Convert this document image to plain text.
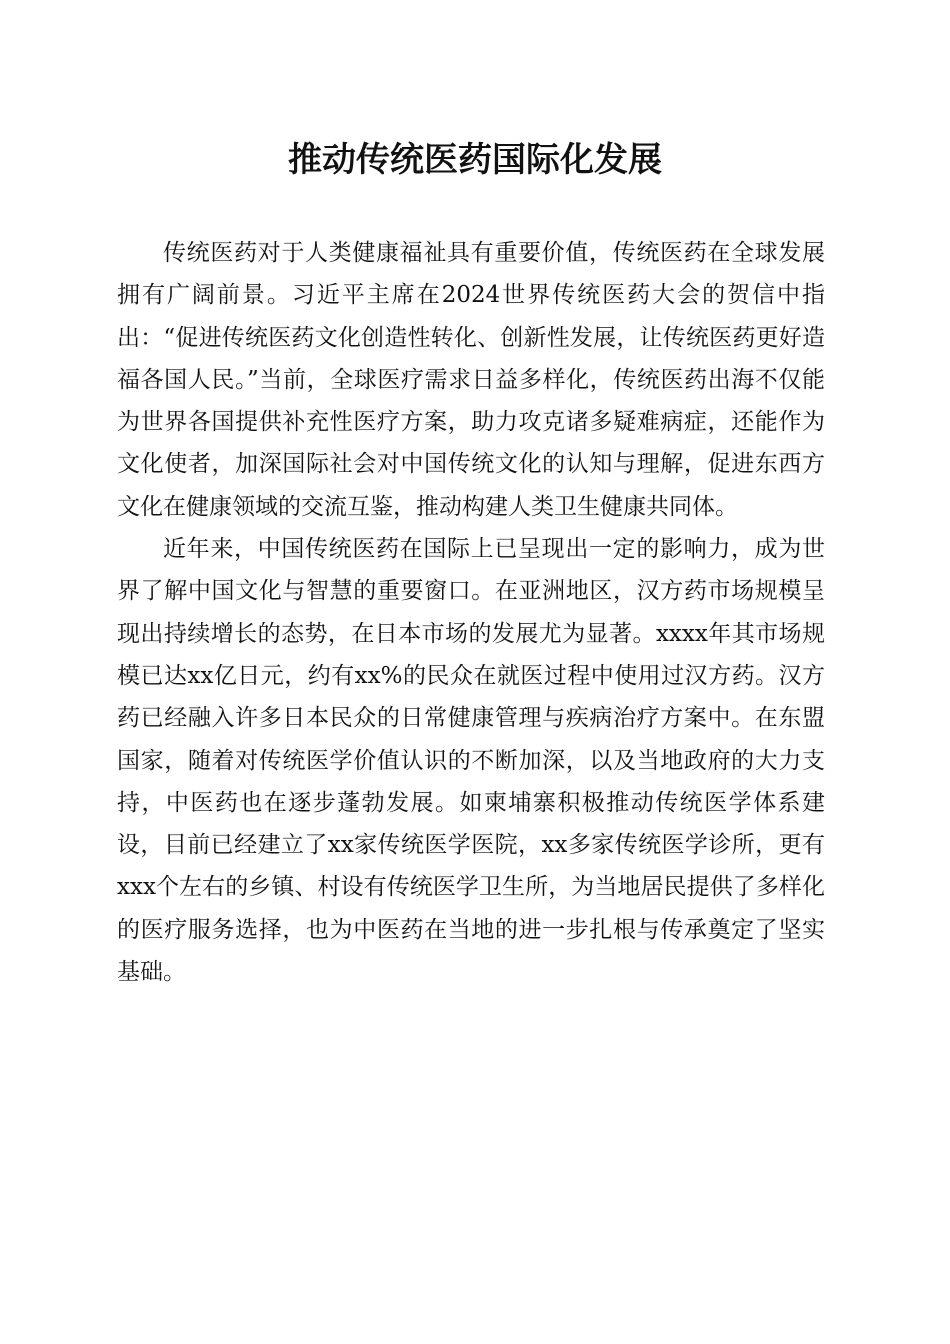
推动传统医药国际化发展

传统医药对于人类健康福祉具有重要价值，传统医药在全球发展拥有广阔前景。习近平主席在2024世界传统医药大会的贺信中指出：“促进传统医药文化创造性转化、创新性发展，让传统医药更好造福各国人民。”当前，全球医疗需求日益多样化，传统医药出海不仅能为世界各国提供补充性医疗方案，助力攻克诸多疑难病症，还能作为文化使者，加深国际社会对中国传统文化的认知与理解，促进东西方文化在健康领域的交流互鉴，推动构建人类卫生健康共同体。

近年来，中国传统医药在国际上已呈现出一定的影响力，成为世界了解中国文化与智慧的重要窗口。在亚洲地区，汉方药市场规模呈现出持续增长的态势，在日本市场的发展尤为显著。xxxx年其市场规模已达xx亿日元，约有xx%的民众在就医过程中使用过汉方药。汉方药已经融入许多日本民众的日常健康管理与疾病治疗方案中。在东盟国家，随着对传统医学价值认识的不断加深，以及当地政府的大力支持，中医药也在逐步蓬勃发展。如柬埔寨积极推动传统医学体系建设，目前已经建立了xx家传统医学医院，xx多家传统医学诊所，更有xxx个左右的乡镇、村设有传统医学卫生所，为当地居民提供了多样化的医疗服务选择，也为中医药在当地的进一步扎根与传承奠定了坚实基础。
